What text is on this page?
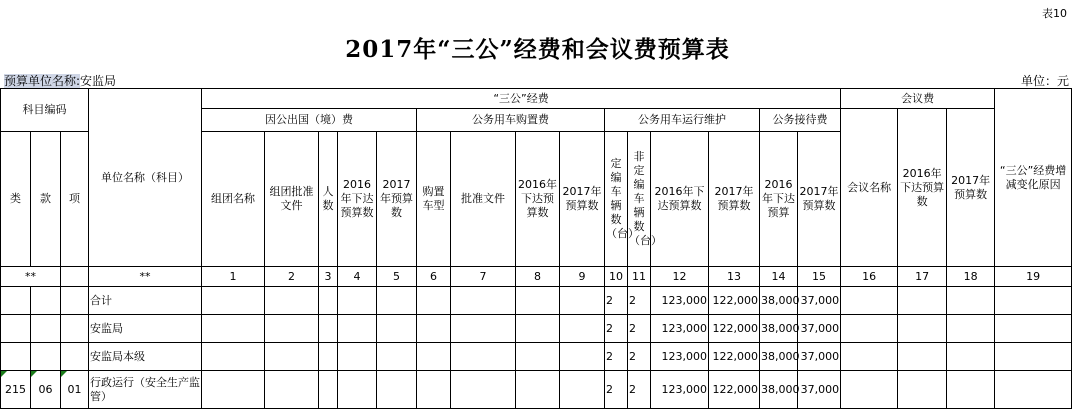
表10
2017年“三公”经费和会议费预算表
预算单位名称:安监局	单位：元
科目编码			单位名称（科目）	“三公”经费															会议费			“三公”经费增减变化原因
				因公出国（境）费					公务用车购置费				公务用车运行维护				公务接待费		会议名称	2016年下达预算数	2017年预算数	
类	款	项		组团名称	组团批准文件	人数	2016年下达预算数	2017年预算数	购置车型	批准文件	2016年下达预算数	2017年预算数	定编车辆数（台）	非定编车辆数（台）	2016年下达预算数	2017年预算数	2016年下达预算	2017年预算数				

**			**	1	2	3	4	5	6	7	8	9	10	11	12	13	14	15	16	17	18	19
			合计										2	2	123,000	122,000	38,000	37,000				
			安监局										2	2	123,000	122,000	38,000	37,000				
			安监局本级										2	2	123,000	122,000	38,000	37,000				
215	06	01	行政运行（安全生产监管）										2	2	123,000	122,000	38,000	37,000				
